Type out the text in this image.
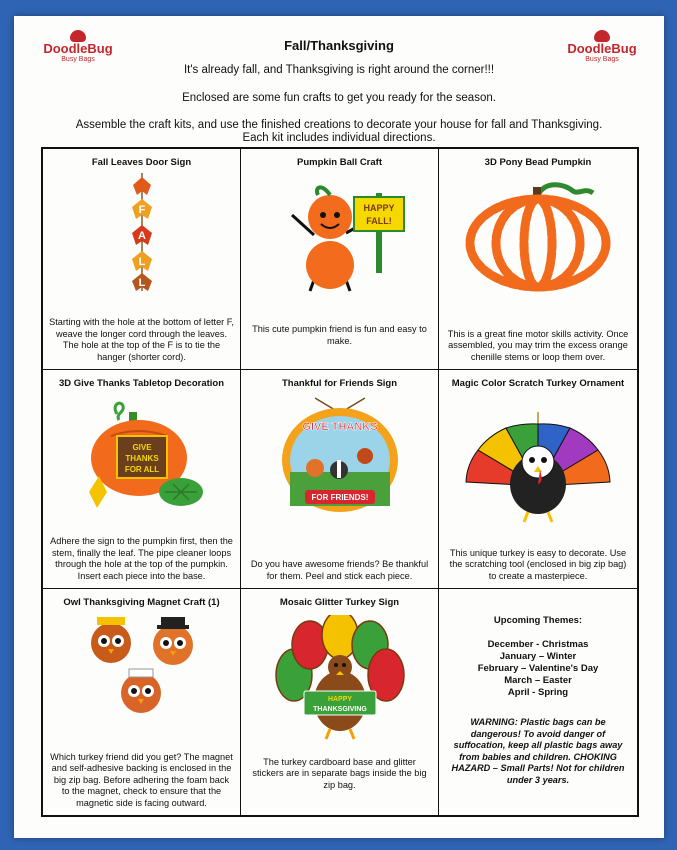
DoodleBug
Busy Bags
DoodleBug
Busy Bags
Fall/Thanksgiving
It's already fall, and Thanksgiving is right around the corner!!!
Enclosed are some fun crafts to get you ready for the season.
Assemble the craft kits, and use the finished creations to decorate your house for fall and Thanksgiving.
Each kit includes individual directions.
Fall Leaves Door Sign
F
A
L
L
Starting with the hole at the bottom of letter F, weave the longer cord through the leaves. The hole at the top of the F is to tie the hanger (shorter cord).
Pumpkin Ball Craft
HAPPY
FALL!
This cute pumpkin friend is fun and easy to make.
3D Pony Bead Pumpkin
This is a great fine motor skills activity. Once assembled, you may trim the excess orange chenille stems or loop them over.
3D Give Thanks Tabletop Decoration
GIVE
THANKS
FOR ALL
Adhere the sign to the pumpkin first, then the stem, finally the leaf. The pipe cleaner loops through the hole at the top of the pumpkin. Insert each piece into the base.
Thankful for Friends Sign
GIVE THANKS
FOR FRIENDS!
Do you have awesome friends? Be thankful for them. Peel and stick each piece.
Magic Color Scratch Turkey Ornament
This unique turkey is easy to decorate. Use the scratching tool (enclosed in big zip bag) to create a masterpiece.
Owl Thanksgiving Magnet Craft (1)
Which turkey friend did you get? The magnet and self-adhesive backing is enclosed in the big zip bag. Before adhering the foam back to the magnet, check to ensure that the magnetic side is facing outward.
Mosaic Glitter Turkey Sign
HAPPY
THANKSGIVING
The turkey cardboard base and glitter stickers are in separate bags inside the big zip bag.
Upcoming Themes:
December - Christmas
January – Winter
February – Valentine's Day
March – Easter
April - Spring
WARNING: Plastic bags can be dangerous! To avoid danger of suffocation, keep all plastic bags away from babies and children. CHOKING HAZARD – Small Parts! Not for children under 3 years.
